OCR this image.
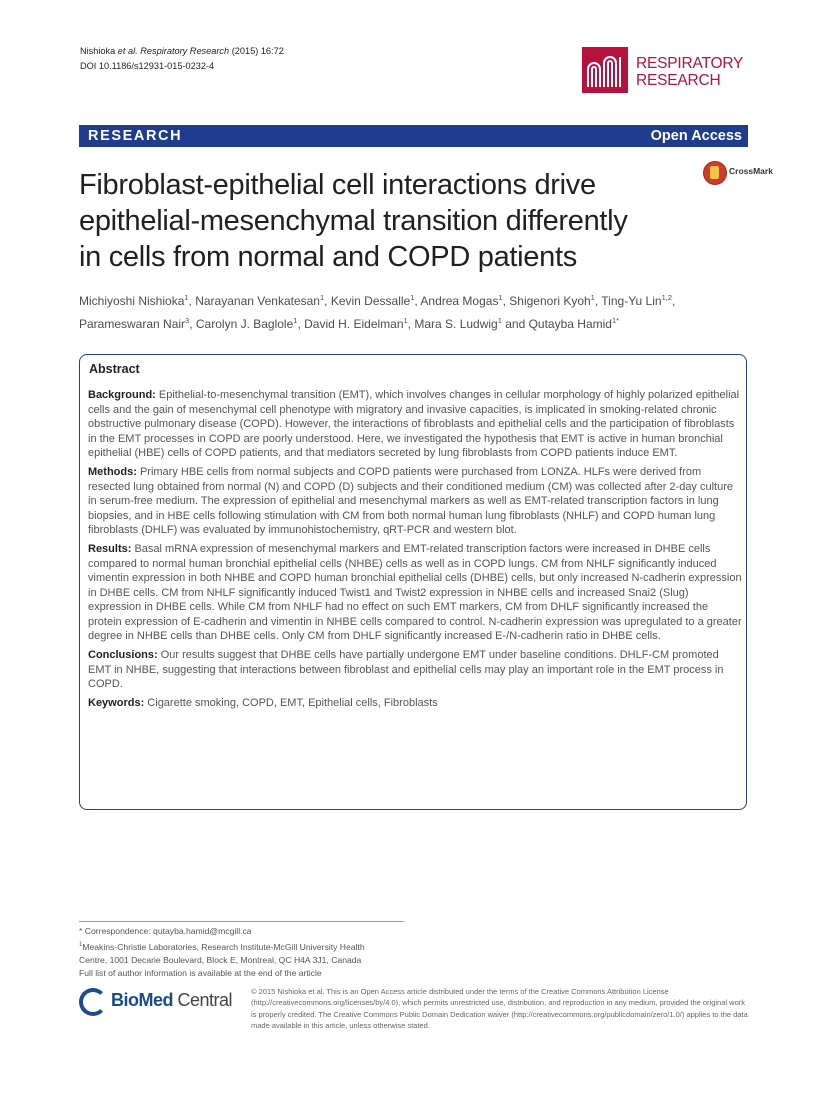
Nishioka et al. Respiratory Research (2015) 16:72
DOI 10.1186/s12931-015-0232-4	RESPIRATORY
RESEARCH
RESEARCH	Open Access
Fibroblast-epithelial cell interactions drive
epithelial-mesenchymal transition differently
in cells from normal and COPD patients
CrossMark
Michiyoshi Nishioka$^1$, Narayanan Venkatesan$^1$, Kevin Dessalle$^1$, Andrea Mogas$^1$, Shigenori Kyoh$^1$, Ting-Yu Lin$^{1,2}$, Parameswaran Nair$^3$, Carolyn J. Baglole$^1$, David H. Eidelman$^1$, Mara S. Ludwig$^1$ and Qutayba Hamid$^{1*}$
Abstract

Background: Epithelial-to-mesenchymal transition (EMT), which involves changes in cellular morphology of highly polarized epithelial cells and the gain of mesenchymal cell phenotype with migratory and invasive capacities, is implicated in smoking-related chronic obstructive pulmonary disease (COPD). However, the interactions of fibroblasts and epithelial cells and the participation of fibroblasts in the EMT processes in COPD are poorly understood. Here, we investigated the hypothesis that EMT is active in human bronchial epithelial (HBE) cells of COPD patients, and that mediators secreted by lung fibroblasts from COPD patients induce EMT.

Methods: Primary HBE cells from normal subjects and COPD patients were purchased from LONZA. HLFs were derived from resected lung obtained from normal (N) and COPD (D) subjects and their conditioned medium (CM) was collected after 2-day culture in serum-free medium. The expression of epithelial and mesenchymal markers as well as EMT-related transcription factors in lung biopsies, and in HBE cells following stimulation with CM from both normal human lung fibroblasts (NHLF) and COPD human lung fibroblasts (DHLF) was evaluated by immunohistochemistry, qRT-PCR and western blot.

Results: Basal mRNA expression of mesenchymal markers and EMT-related transcription factors were increased in DHBE cells compared to normal human bronchial epithelial cells (NHBE) cells as well as in COPD lungs. CM from NHLF significantly induced vimentin expression in both NHBE and COPD human bronchial epithelial cells (DHBE) cells, but only increased N-cadherin expression in DHBE cells. CM from NHLF significantly induced Twist1 and Twist2 expression in NHBE cells and increased Snai2 (Slug) expression in DHBE cells. While CM from NHLF had no effect on such EMT markers, CM from DHLF significantly increased the protein expression of E-cadherin and vimentin in NHBE cells compared to control. N-cadherin expression was upregulated to a greater degree in NHBE cells than DHBE cells. Only CM from DHLF significantly increased E-/N-cadherin ratio in DHBE cells.

Conclusions: Our results suggest that DHBE cells have partially undergone EMT under baseline conditions. DHLF-CM promoted EMT in NHBE, suggesting that interactions between fibroblast and epithelial cells may play an important role in the EMT process in COPD.

Keywords: Cigarette smoking, COPD, EMT, Epithelial cells, Fibroblasts

* Correspondence: qutayba.hamid@mcgill.ca
$^1$Meakins-Christie Laboratories, Research Institute-McGill University Health
Centre, 1001 Decarie Boulevard, Block E, Montreal, QC H4A 3J1, Canada
Full list of author information is available at the end of the article
BioMed Central	© 2015 Nishioka et al. This is an Open Access article distributed under the terms of the Creative Commons Attribution License (http://creativecommons.org/licenses/by/4.0), which permits unrestricted use, distribution, and reproduction in any medium, provided the original work is properly credited. The Creative Commons Public Domain Dedication waiver (http://creativecommons.org/publicdomain/zero/1.0/) applies to the data made available in this article, unless otherwise stated.
